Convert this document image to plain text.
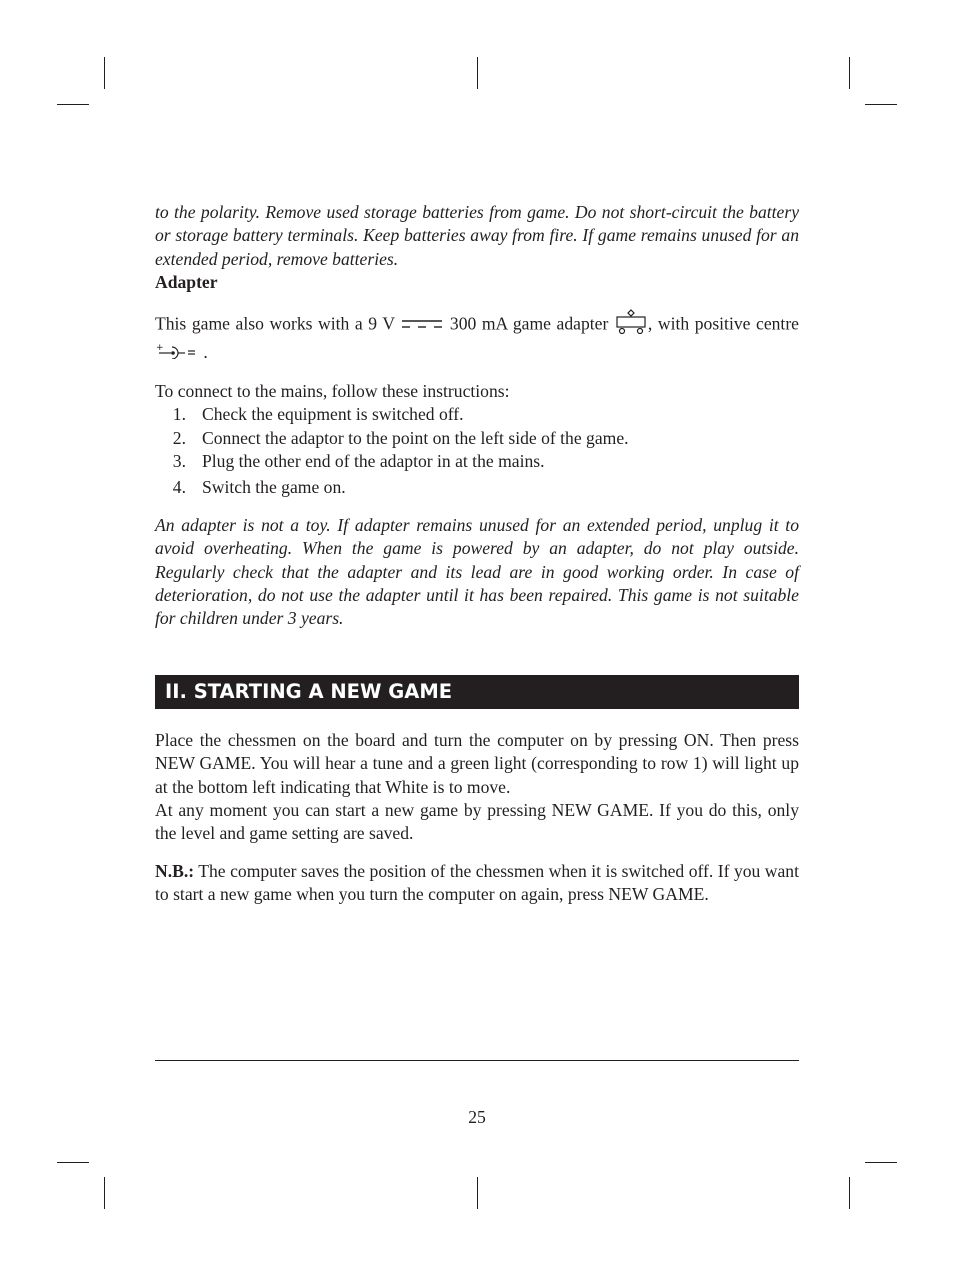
to the polarity. Remove used storage batteries from game. Do not short-circuit the battery or storage battery terminals. Keep batteries away from fire. If game remains unused for an extended period, remove batteries.

Adapter

This game also works with a 9 V	300 mA game adapter , with positive centre
+ .

To connect to the mains, follow these instructions:

1. Check the equipment is switched off.
2. Connect the adaptor to the point on the left side of the game.
3. Plug the other end of the adaptor in at the mains.
4. Switch the game on.

An adapter is not a toy. If adapter remains unused for an extended period, unplug it to avoid overheating. When the game is powered by an adapter, do not play outside. Regularly check that the adapter and its lead are in good working order. In case of deterioration, do not use the adapter until it has been repaired. This game is not suitable for children under 3 years.

II. STARTING A NEW GAME

Place the chessmen on the board and turn the computer on by pressing ON. Then press NEW GAME. You will hear a tune and a green light (corresponding to row 1) will light up at the bottom left indicating that White is to move.

At any moment you can start a new game by pressing NEW GAME. If you do this, only the level and game setting are saved.

N.B.: The computer saves the position of the chessmen when it is switched off. If you want to start a new game when you turn the computer on again, press NEW GAME.

25
